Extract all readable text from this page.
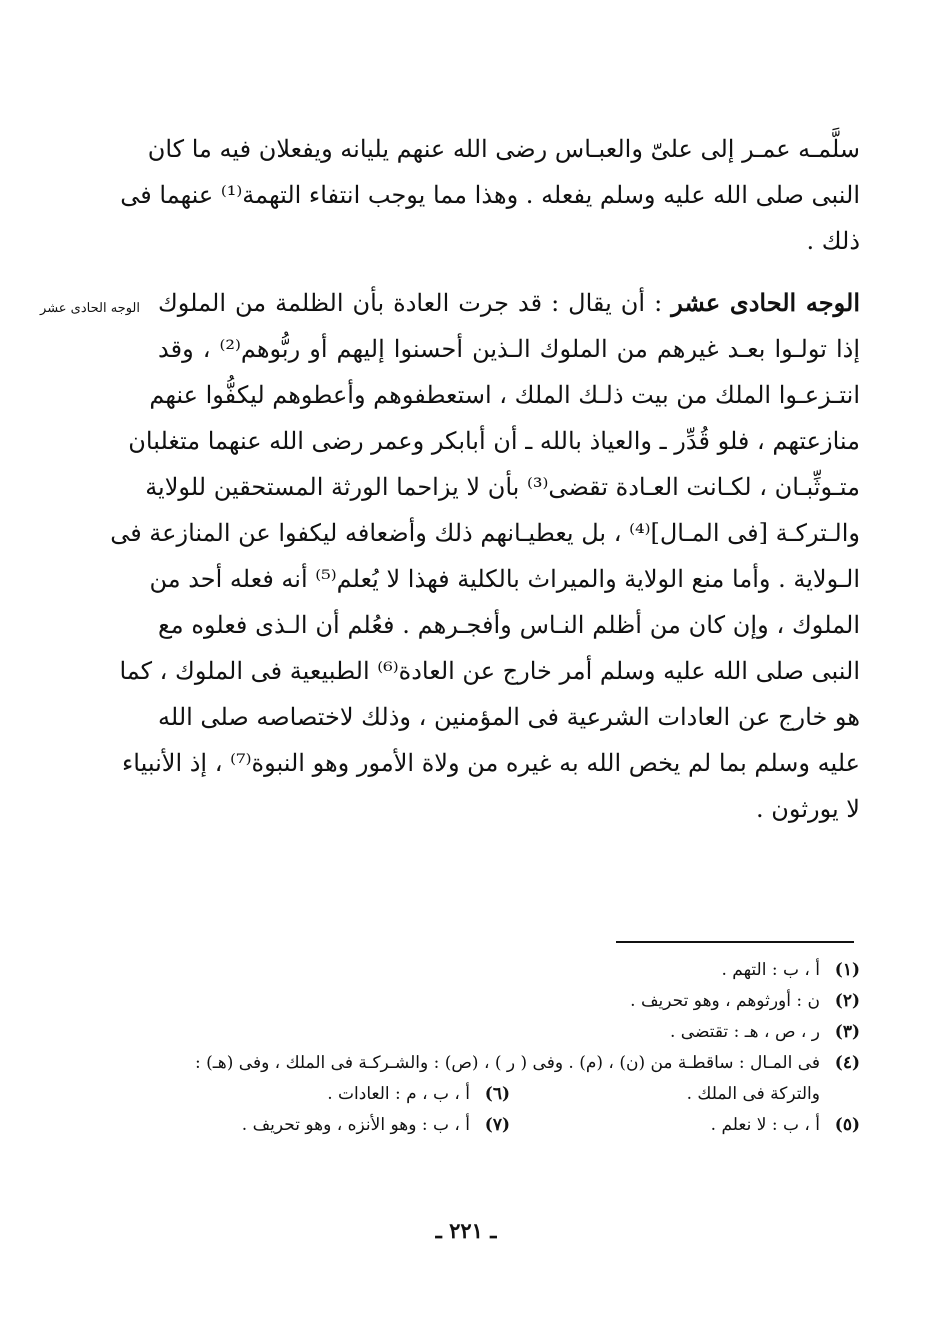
سلَّمـه عمـر إلى علىّ والعبـاس رضى الله عنهم يليانه ويفعلان فيه ما كان
النبى صلى الله عليه وسلم يفعله . وهذا مما يوجب انتفاء التهمة⁽¹⁾ عنهما فى
ذلك .
الوجه الحادى عشر : أن يقال : قد جرت العادة بأن الظلمة من الملوك
إذا تولـوا بعـد غيرهم من الملوك الـذين أحسنوا إليهم أو ربُّوهم⁽²⁾ ، وقد
انتـزعـوا الملك من بيت ذلـك الملك ، استعطفوهم وأعطوهم ليكفُّوا عنهم
منازعتهم ، فلو قُدِّر ـ والعياذ بالله ـ أن أبابكر وعمر رضى الله عنهما متغلبان
متـوثِّبـان ، لكـانت العـادة تقضى⁽³⁾ بأن لا يزاحما الورثة المستحقين للولاية
والـتركـة [فى المـال]⁽⁴⁾ ، بل يعطيـانهم ذلك وأضعافه ليكفوا عن المنازعة فى
الـولاية . وأما منع الولاية والميراث بالكلية فهذا لا يُعلم⁽⁵⁾ أنه فعله أحد من
الملوك ، وإن كان من أظلم النـاس وأفجـرهم . فعُلم أن الـذى فعلوه مع
النبى صلى الله عليه وسلم أمر خارج عن العادة⁽⁶⁾ الطبيعية فى الملوك ، كما
هو خارج عن العادات الشرعية فى المؤمنين ، وذلك لاختصاصه صلى الله
عليه وسلم بما لم يخص الله به غيره من ولاة الأمور وهو النبوة⁽⁷⁾ ، إذ الأنبياء
لا يورثون .
الوجه الحادى عشر
(١)
أ ، ب : التهم .
(٢)
ن : أورثوهم ، وهو تحريف .
(٣)
ر ، ص ، هـ : تقتضى .
(٤)
فى المـال : ساقطـة من (ن) ، (م) . وفى ( ر ) ، (ص) : والشـركـة فى الملك ، وفى (هـ) :
والتركة فى الملك .
(٦)
أ ، ب ، م : العادات .
(٥)
أ ، ب : لا نعلم .
(٧)
أ ، ب : وهو الأنزه ، وهو تحريف .
ـ ٢٢١ ـ
